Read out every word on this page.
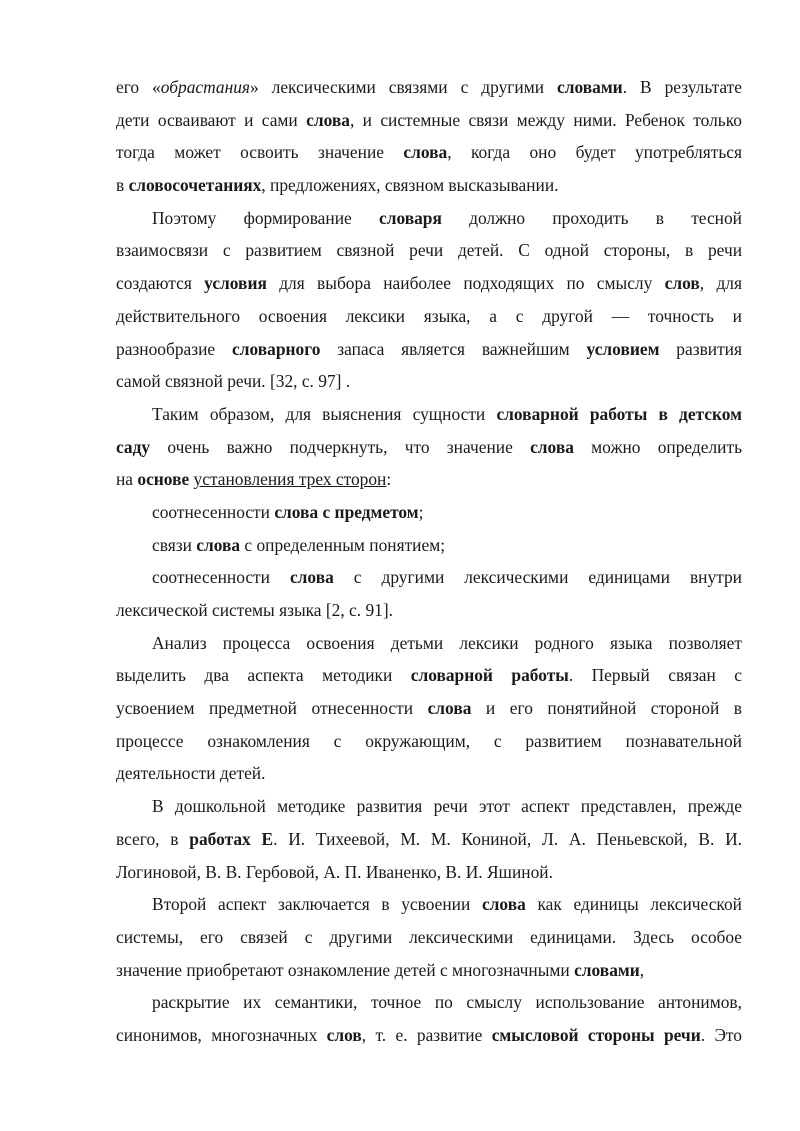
его «обрастания» лексическими связями с другими словами. В результате
дети осваивают и сами слова, и системные связи между ними. Ребенок только
тогда может освоить значение слова, когда оно будет употребляться
в словосочетаниях, предложениях, связном высказывании.
Поэтому формирование словаря должно проходить в тесной
взаимосвязи с развитием связной речи детей. С одной стороны, в речи
создаются условия для выбора наиболее подходящих по смыслу слов, для
действительного освоения лексики языка, а с другой — точность и
разнообразие словарного запаса является важнейшим условием развития
самой связной речи. [32, с. 97] .
Таким образом, для выяснения сущности словарной работы в детском
саду очень важно подчеркнуть, что значение слова можно определить
на основе установления трех сторон:
соотнесенности слова с предметом;
связи слова с определенным понятием;
соотнесенности слова с другими лексическими единицами внутри
лексической системы языка [2, с. 91].
Анализ процесса освоения детьми лексики родного языка позволяет
выделить два аспекта методики словарной работы. Первый связан с
усвоением предметной отнесенности слова и его понятийной стороной в
процессе ознакомления с окружающим, с развитием познавательной
деятельности детей.
В дошкольной методике развития речи этот аспект представлен, прежде
всего, в работах Е. И. Тихеевой, М. М. Кониной, Л. А. Пеньевской, В. И.
Логиновой, В. В. Гербовой, А. П. Иваненко, В. И. Яшиной.
Второй аспект заключается в усвоении слова как единицы лексической
системы, его связей с другими лексическими единицами. Здесь особое
значение приобретают ознакомление детей с многозначными словами,
раскрытие их семантики, точное по смыслу использование антонимов,
синонимов, многозначных слов, т. е. развитие смысловой стороны речи. Это
